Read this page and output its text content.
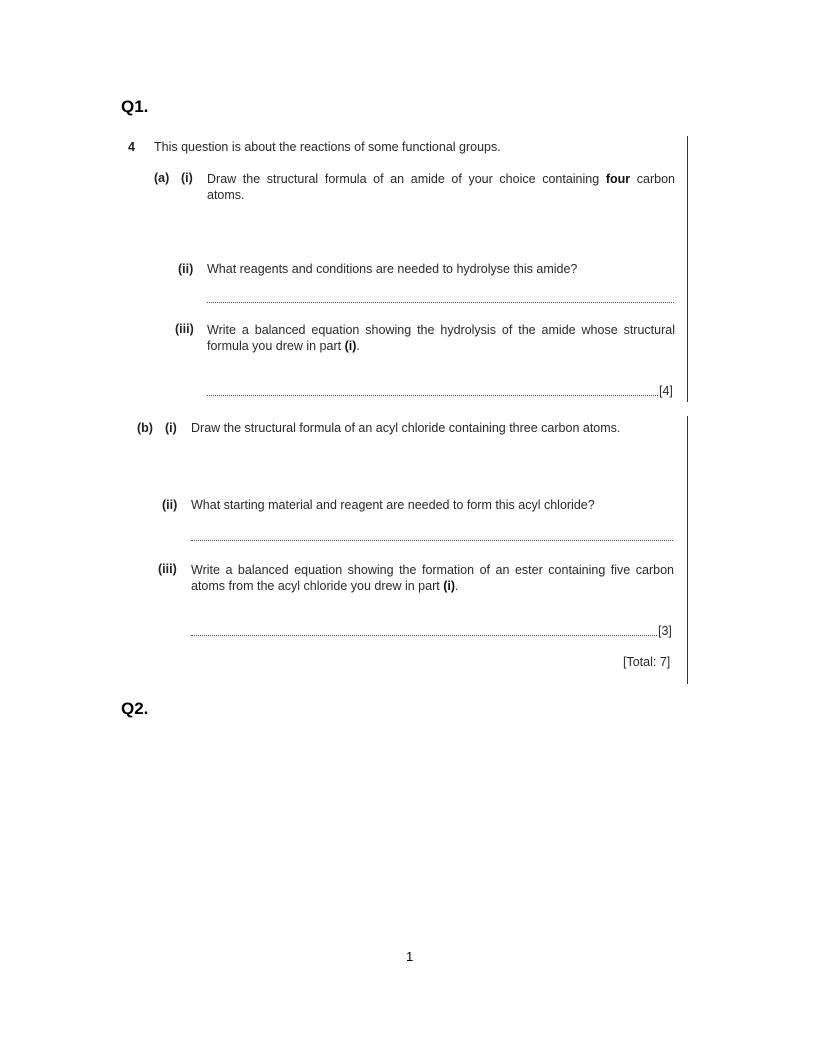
Q1.
Q2.
4 This question is about the reactions of some functional groups.
(a) (i) Draw the structural formula of an amide of your choice containing four carbon atoms.
(ii) What reagents and conditions are needed to hydrolyse this amide?
(iii) Write a balanced equation showing the hydrolysis of the amide whose structural formula you drew in part (i).
[4]
(b) (i) Draw the structural formula of an acyl chloride containing three carbon atoms.
(ii) What starting material and reagent are needed to form this acyl chloride?
(iii) Write a balanced equation showing the formation of an ester containing five carbon atoms from the acyl chloride you drew in part (i).
[3]
[Total: 7]
1
